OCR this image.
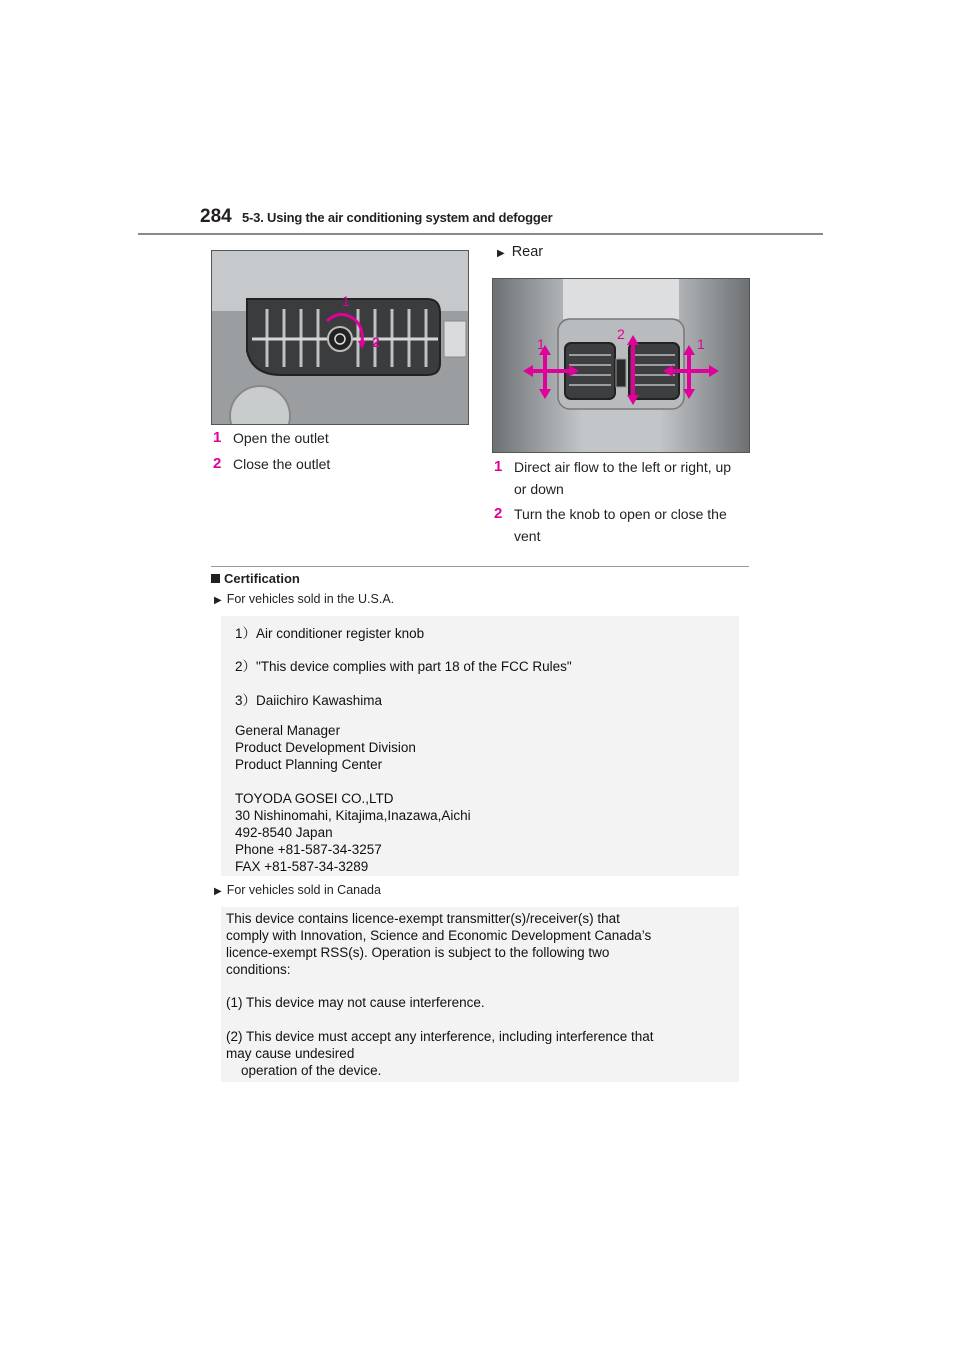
284 5-3. Using the air conditioning system and defogger
1
2
1 Open the outlet
2 Close the outlet
▶ Rear
1
2
1
1 Direct air flow to the left or right, up
or down
2 Turn the knob to open or close the
vent
Certification
▶ For vehicles sold in the U.S.A.
1）Air conditioner register knob
2）"This device complies with part 18 of the FCC Rules"
3）Daiichiro Kawashima
General Manager
Product Development Division
Product Planning Center
TOYODA GOSEI CO.,LTD
30 Nishinomahi, Kitajima,Inazawa,Aichi
492-8540 Japan
Phone +81-587-34-3257
FAX +81-587-34-3289
▶ For vehicles sold in Canada
This device contains licence-exempt transmitter(s)/receiver(s) that
comply with Innovation, Science and Economic Development Canada’s
licence-exempt RSS(s). Operation is subject to the following two
conditions:
(1) This device may not cause interference.
(2) This device must accept any interference, including interference that
may cause undesired
operation of the device.
